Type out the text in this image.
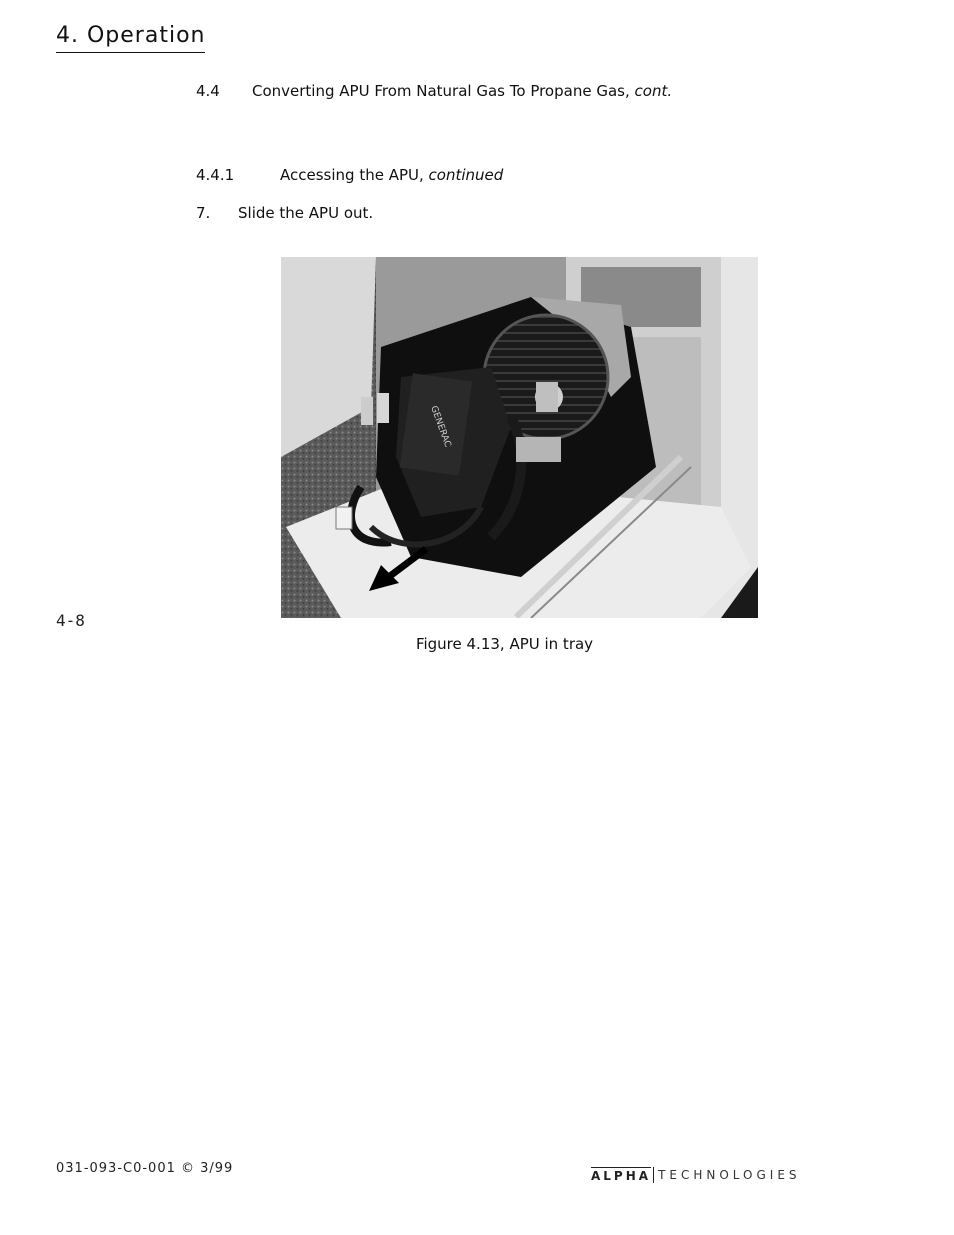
4. Operation
4.4 Converting APU From Natural Gas To Propane Gas, cont.
4.4.1	Accessing the APU, continued
7. Slide the APU out.
GENERAC
4-8
Figure 4.13, APU in tray
031-093-C0-001 © 3/99	ALPHA TECHNOLOGIES
